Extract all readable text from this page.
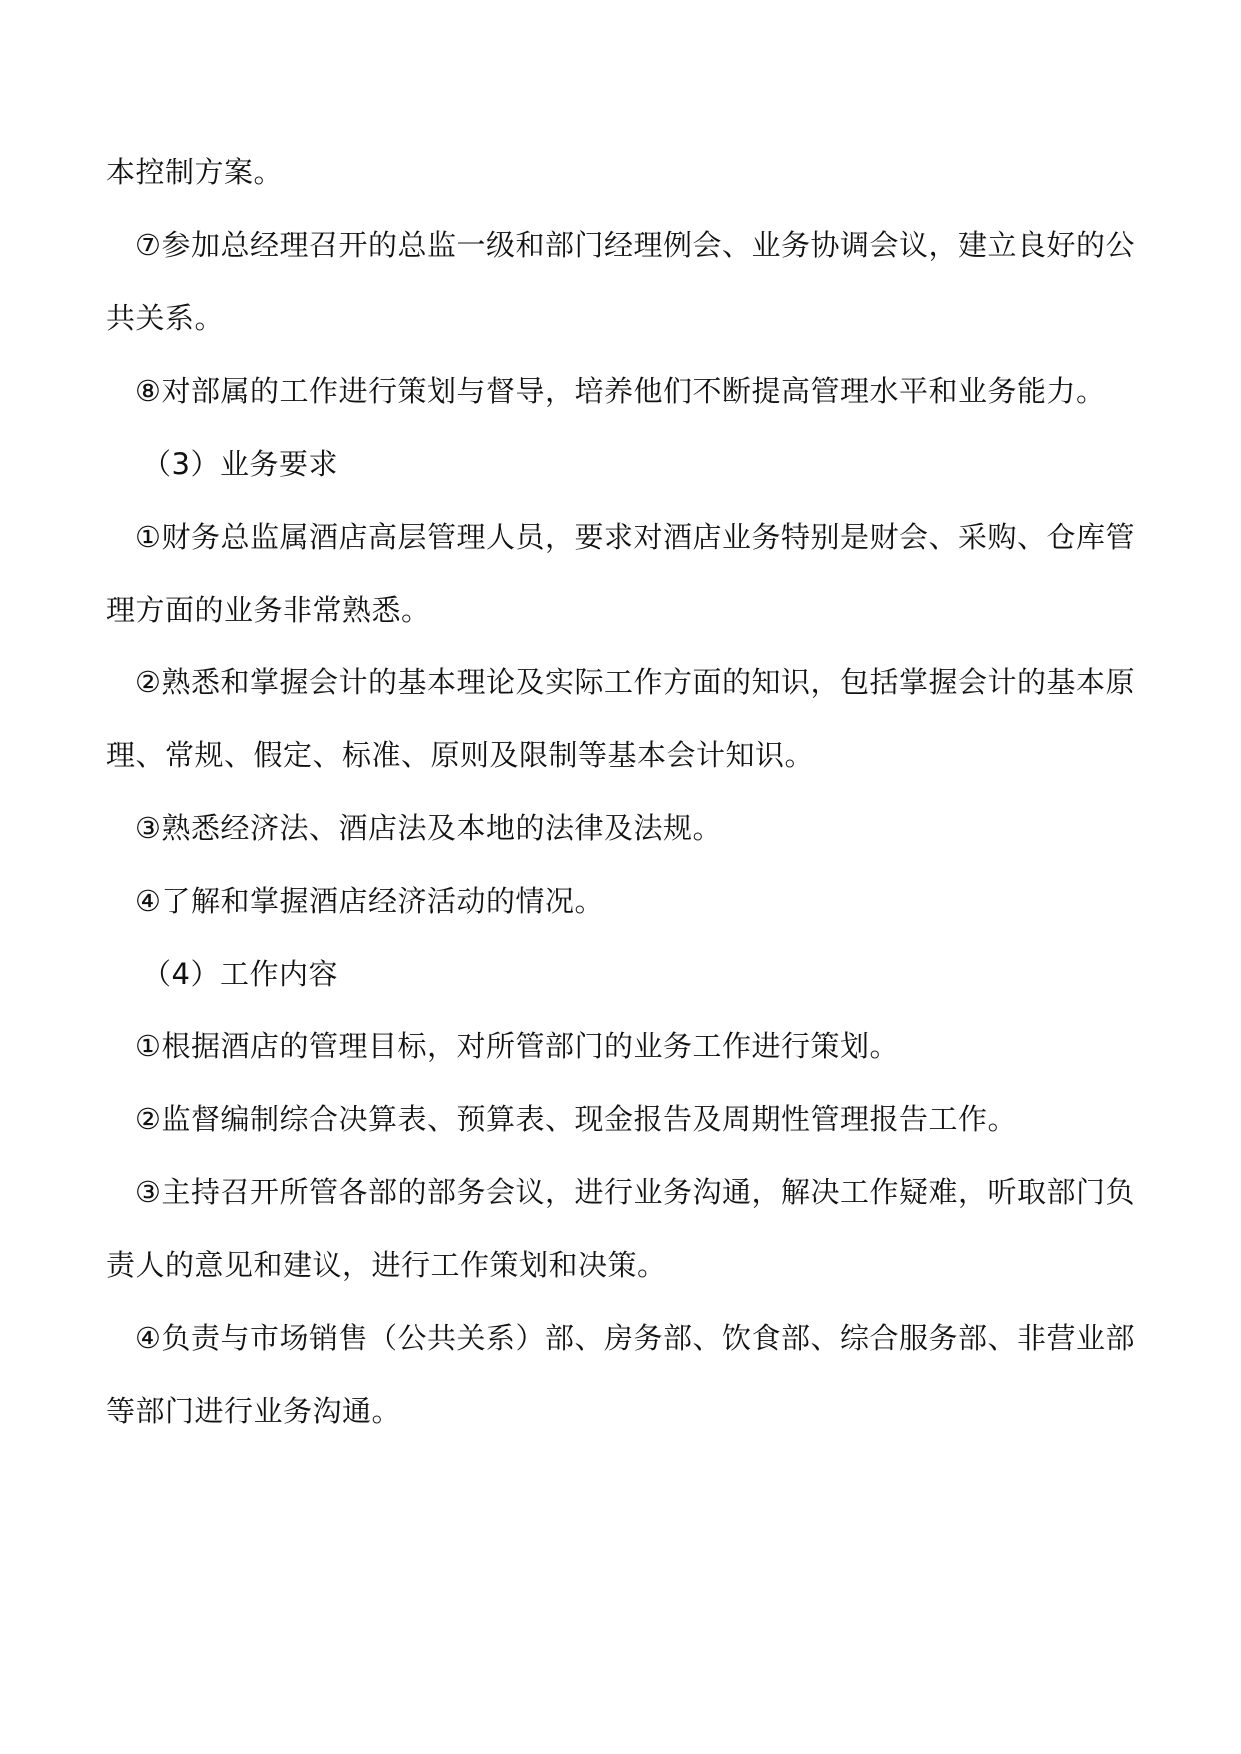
本控制方案。
⑦参加总经理召开的总监一级和部门经理例会、业务协调会议，建立良好的公
共关系。
⑧对部属的工作进行策划与督导，培养他们不断提高管理水平和业务能力。
（3）业务要求
①财务总监属酒店高层管理人员，要求对酒店业务特别是财会、采购、仓库管
理方面的业务非常熟悉。
②熟悉和掌握会计的基本理论及实际工作方面的知识，包括掌握会计的基本原
理、常规、假定、标准、原则及限制等基本会计知识。
③熟悉经济法、酒店法及本地的法律及法规。
④了解和掌握酒店经济活动的情况。
（4）工作内容
①根据酒店的管理目标，对所管部门的业务工作进行策划。
②监督编制综合决算表、预算表、现金报告及周期性管理报告工作。
③主持召开所管各部的部务会议，进行业务沟通，解决工作疑难，听取部门负
责人的意见和建议，进行工作策划和决策。
④负责与市场销售（公共关系）部、房务部、饮食部、综合服务部、非营业部
等部门进行业务沟通。
